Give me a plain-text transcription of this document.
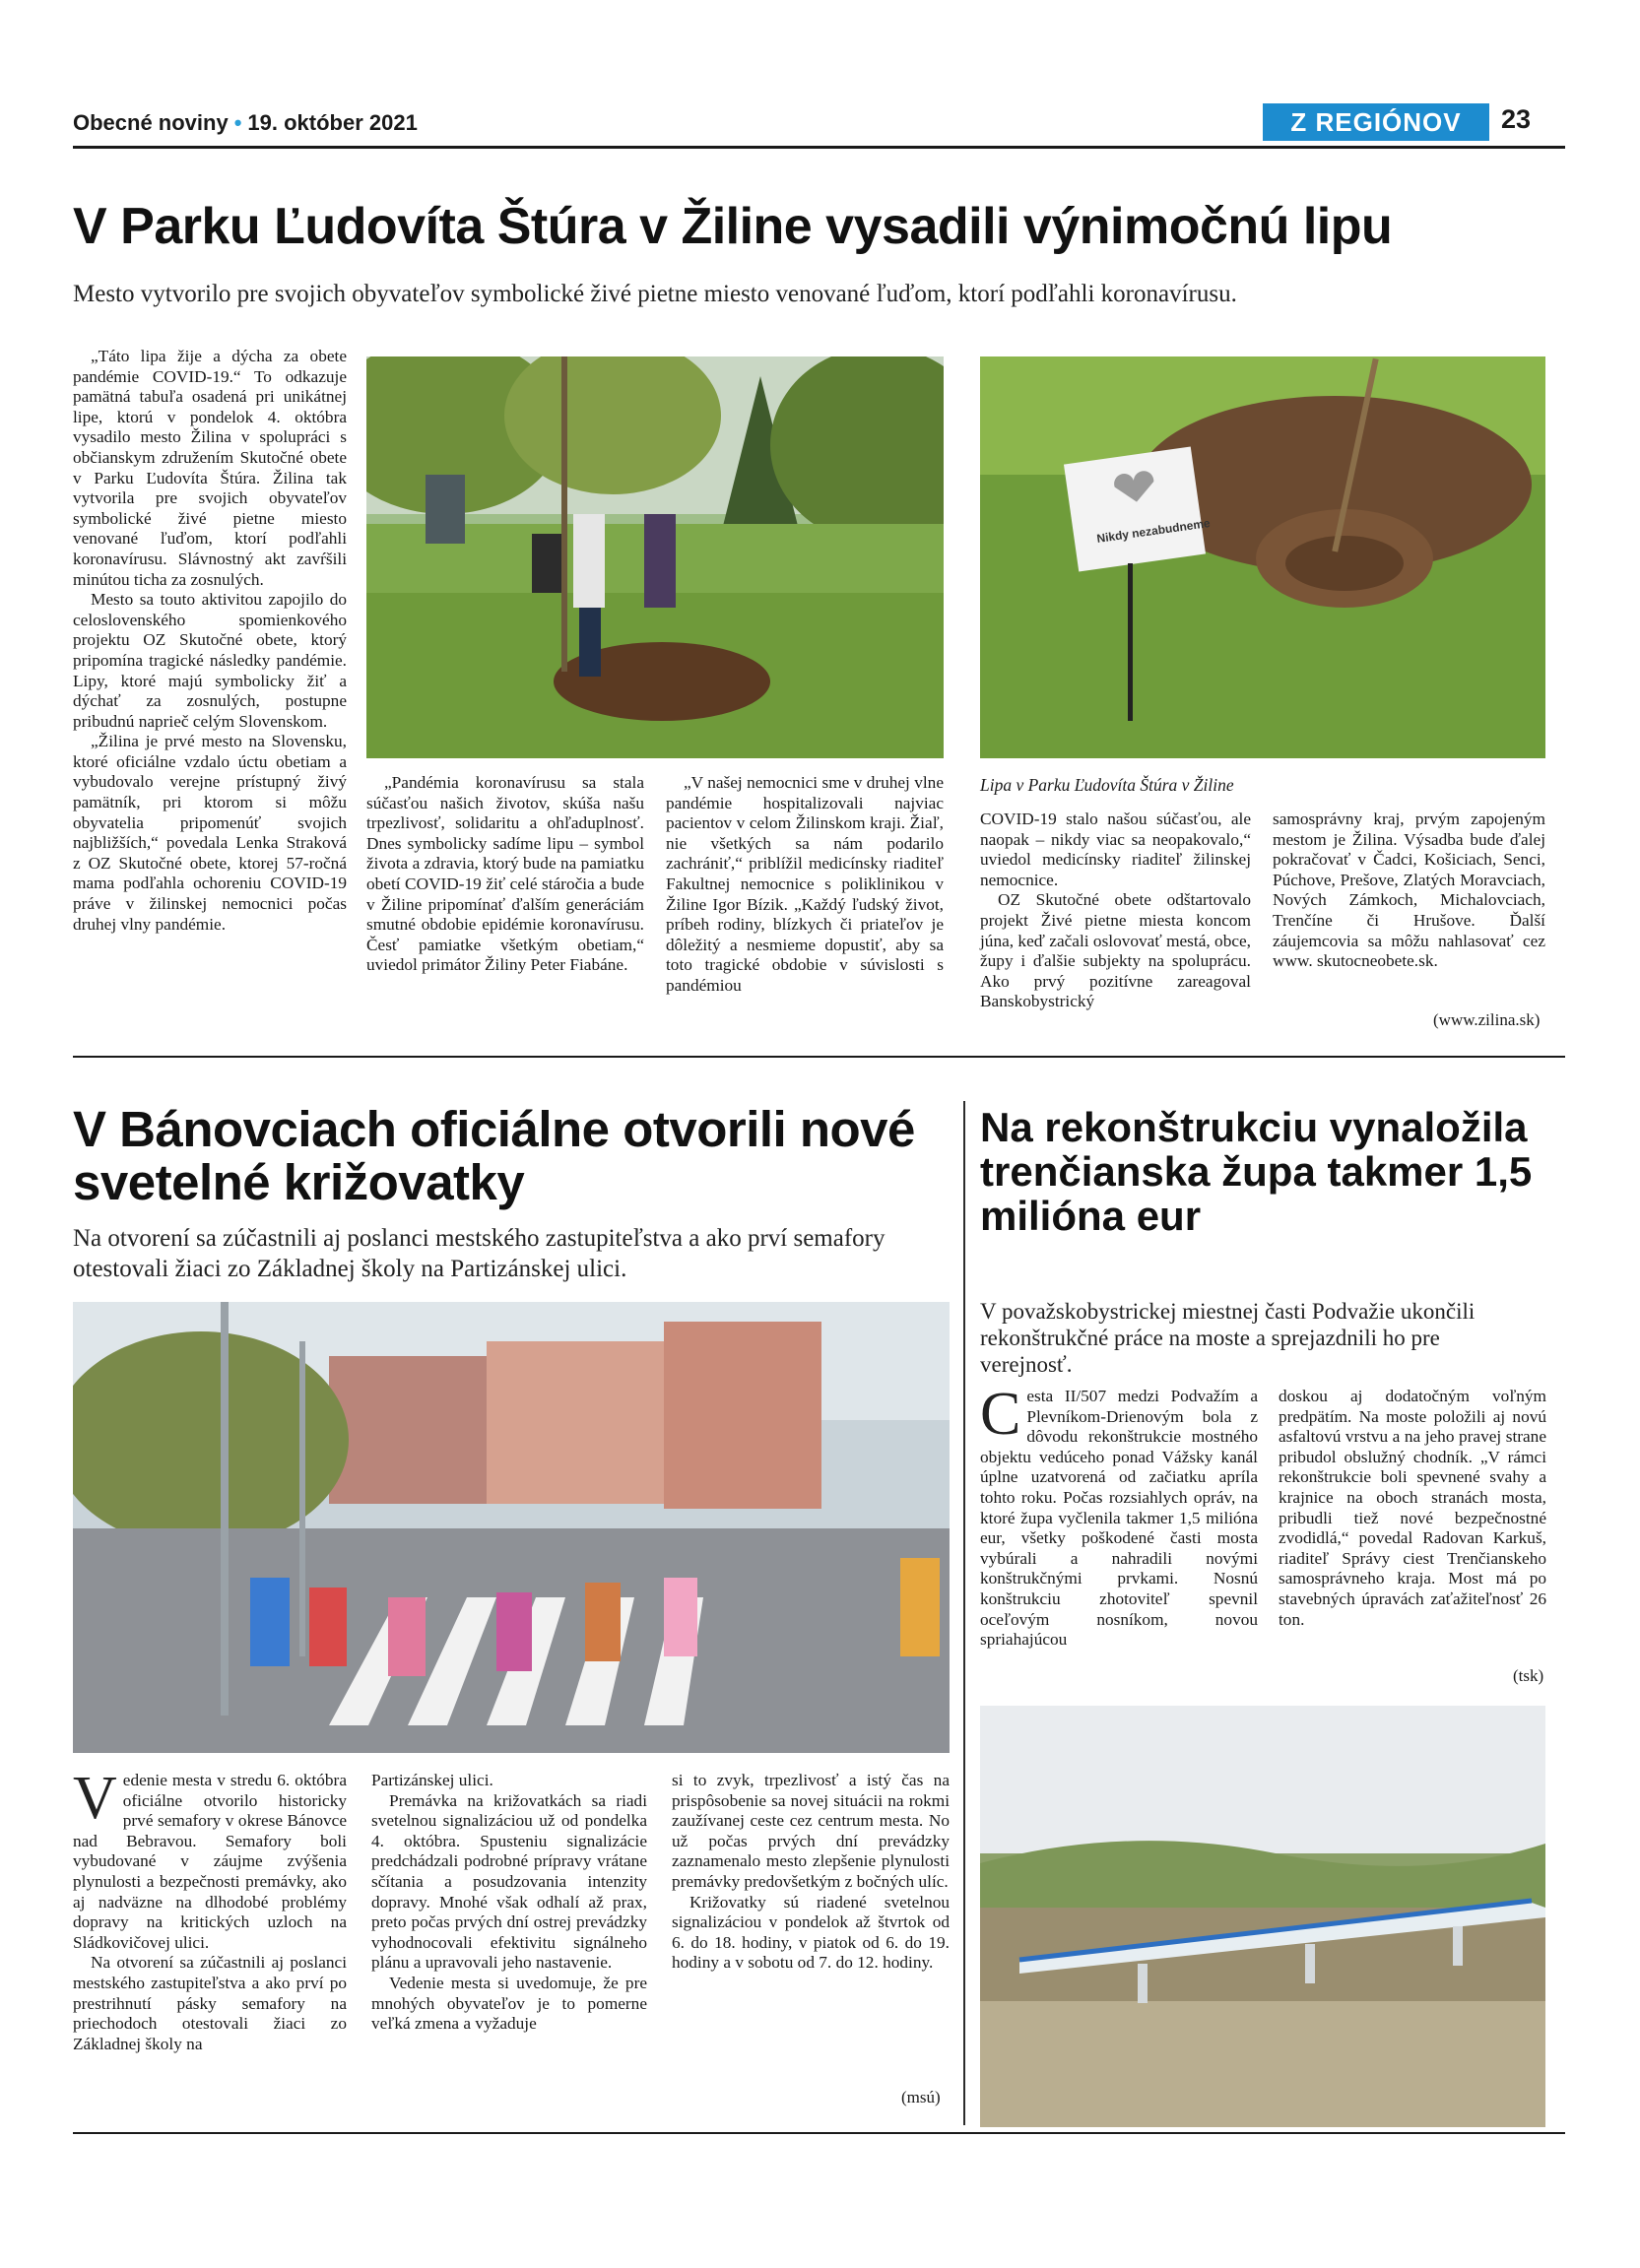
Obecné noviny • 19. október 2021	Z REGIÓNOV	23
V Parku Ľudovíta Štúra v Žiline vysadili výnimočnú lipu
Mesto vytvorilo pre svojich obyvateľov symbolické živé pietne miesto venované ľuďom, ktorí podľahli koronavírusu.

„Táto lipa žije a dýcha za obete pandémie COVID-19.“ To odkazuje pamätná tabuľa osadená pri unikátnej lipe, ktorú v pondelok 4. októbra vysadilo mesto Žilina v spolupráci s občianskym združením Skutočné obete v Parku Ľudovíta Štúra. Žilina tak vytvorila pre svojich obyvateľov symbolické živé pietne miesto venované ľuďom, ktorí podľahli koronavírusu. Slávnostný akt zavŕšili minútou ticha za zosnulých.

Mesto sa touto aktivitou zapojilo do celoslovenského spomienkového projektu OZ Skutočné obete, ktorý pripomína tragické následky pandémie. Lipy, ktoré majú symbolicky žiť a dýchať za zosnulých, postupne pribudnú naprieč celým Slovenskom.

„Žilina je prvé mesto na Slovensku, ktoré oficiálne vzdalo úctu obetiam a vybudovalo verejne prístupný živý pamätník, pri ktorom si môžu obyvatelia pripomenúť svojich najbližších,“ povedala Lenka Straková z OZ Skutočné obete, ktorej 57-ročná mama podľahla ochoreniu COVID-19 práve v žilinskej nemocnici počas druhej vlny pandémie.

Nikdy nezabudneme

„Pandémia koronavírusu sa stala súčasťou našich životov, skúša našu trpezlivosť, solidaritu a ohľaduplnosť. Dnes symbolicky sadíme lipu – symbol života a zdravia, ktorý bude na pamiatku obetí COVID-19 žiť celé stáročia a bude v Žiline pripomínať ďalším generáciám smutné obdobie epidémie koronavírusu. Česť pamiatke všetkým obetiam,“ uviedol primátor Žiliny Peter Fiabáne.

„V našej nemocnici sme v druhej vlne pandémie hospitalizovali najviac pacientov v celom Žilinskom kraji. Žiaľ, nie všetkých sa nám podarilo zachrániť,“ priblížil medicínsky riaditeľ Fakultnej nemocnice s poliklinikou v Žiline Igor Bízik. „Každý ľudský život, príbeh rodiny, blízkych či priateľov je dôležitý a nesmieme dopustiť, aby sa toto tragické obdobie v súvislosti s pandémiou

Lipa v Parku Ľudovíta Štúra v Žiline

COVID-19 stalo našou súčasťou, ale naopak – nikdy viac sa neopakovalo,“ uviedol medicínsky riaditeľ žilinskej nemocnice.

OZ Skutočné obete odštartovalo projekt Živé pietne miesta koncom júna, keď začali oslovovať mestá, obce, župy i ďalšie subjekty na spoluprácu. Ako prvý pozitívne zareagoval Banskobystrický

samosprávny kraj, prvým zapojeným mestom je Žilina. Výsadba bude ďalej pokračovať v Čadci, Košiciach, Senci, Púchove, Prešove, Zlatých Moravciach, Nových Zámkoch, Michalovciach, Trenčíne či Hrušove. Ďalší záujemcovia sa môžu nahlasovať cez www. skutocneobete.sk.

(www.zilina.sk)
V Bánovciach oficiálne otvorili nové svetelné križovatky
Na otvorení sa zúčastnili aj poslanci mestského zastupiteľstva a ako prví semafory otestovali žiaci zo Základnej školy na Partizánskej ulici.
V edenie mesta v stredu 6. októbra oficiálne otvorilo historicky prvé semafory v okrese Bánovce nad Bebravou. Semafory boli vybudované v záujme zvýšenia plynulosti a bezpečnosti premávky, ako aj nadväzne na dlhodobé problémy dopravy na kritických uzloch na Sládkovičovej ulici.

Na otvorení sa zúčastnili aj poslanci mestského zastupiteľstva a ako prví po prestrihnutí pásky semafory na priechodoch otestovali žiaci zo Základnej školy na

Partizánskej ulici.

Premávka na križovatkách sa riadi svetelnou signalizáciou už od pondelka 4. októbra. Spusteniu signalizácie predchádzali podrobné prípravy vrátane sčítania a posudzovania intenzity dopravy. Mnohé však odhalí až prax, preto počas prvých dní ostrej prevádzky vyhodnocovali efektivitu signálneho plánu a upravovali jeho nastavenie.

Vedenie mesta si uvedomuje, že pre mnohých obyvateľov je to pomerne veľká zmena a vyžaduje

si to zvyk, trpezlivosť a istý čas na prispôsobenie sa novej situácii na rokmi zaužívanej ceste cez centrum mesta. No už počas prvých dní prevádzky zaznamenalo mesto zlepšenie plynulosti premávky predovšetkým z bočných ulíc.

Križovatky sú riadené svetelnou signalizáciou v pondelok až štvrtok od 6. do 18. hodiny, v piatok od 6. do 19. hodiny a v sobotu od 7. do 12. hodiny.

(msú)
Na rekonštrukciu vynaložila trenčianska župa takmer 1,5 milióna eur
V považskobystrickej miestnej časti Podvažie ukončili rekonštrukčné práce na moste a sprejazdnili ho pre verejnosť.
C esta II/507 medzi Podvažím a Plevníkom-Drienovým bola z dôvodu rekonštrukcie mostného objektu vedúceho ponad Vážsky kanál úplne uzatvorená od začiatku apríla tohto roku. Počas rozsiahlych opráv, na ktoré župa vyčlenila takmer 1,5 milióna eur, všetky poškodené časti mosta vybúrali a nahradili novými konštrukčnými prvkami. Nosnú konštrukciu zhotoviteľ spevnil oceľovým nosníkom, novou spriahajúcou

doskou aj dodatočným voľným predpätím. Na moste položili aj novú asfaltovú vrstvu a na jeho pravej strane pribudol obslužný chodník. „V rámci rekonštrukcie boli spevnené svahy a krajnice na oboch stranách mosta, pribudli tiež nové bezpečnostné zvodidlá,“ povedal Radovan Karkuš, riaditeľ Správy ciest Trenčianskeho samosprávneho kraja. Most má po stavebných úpravách zaťažiteľnosť 26 ton.

(tsk)
